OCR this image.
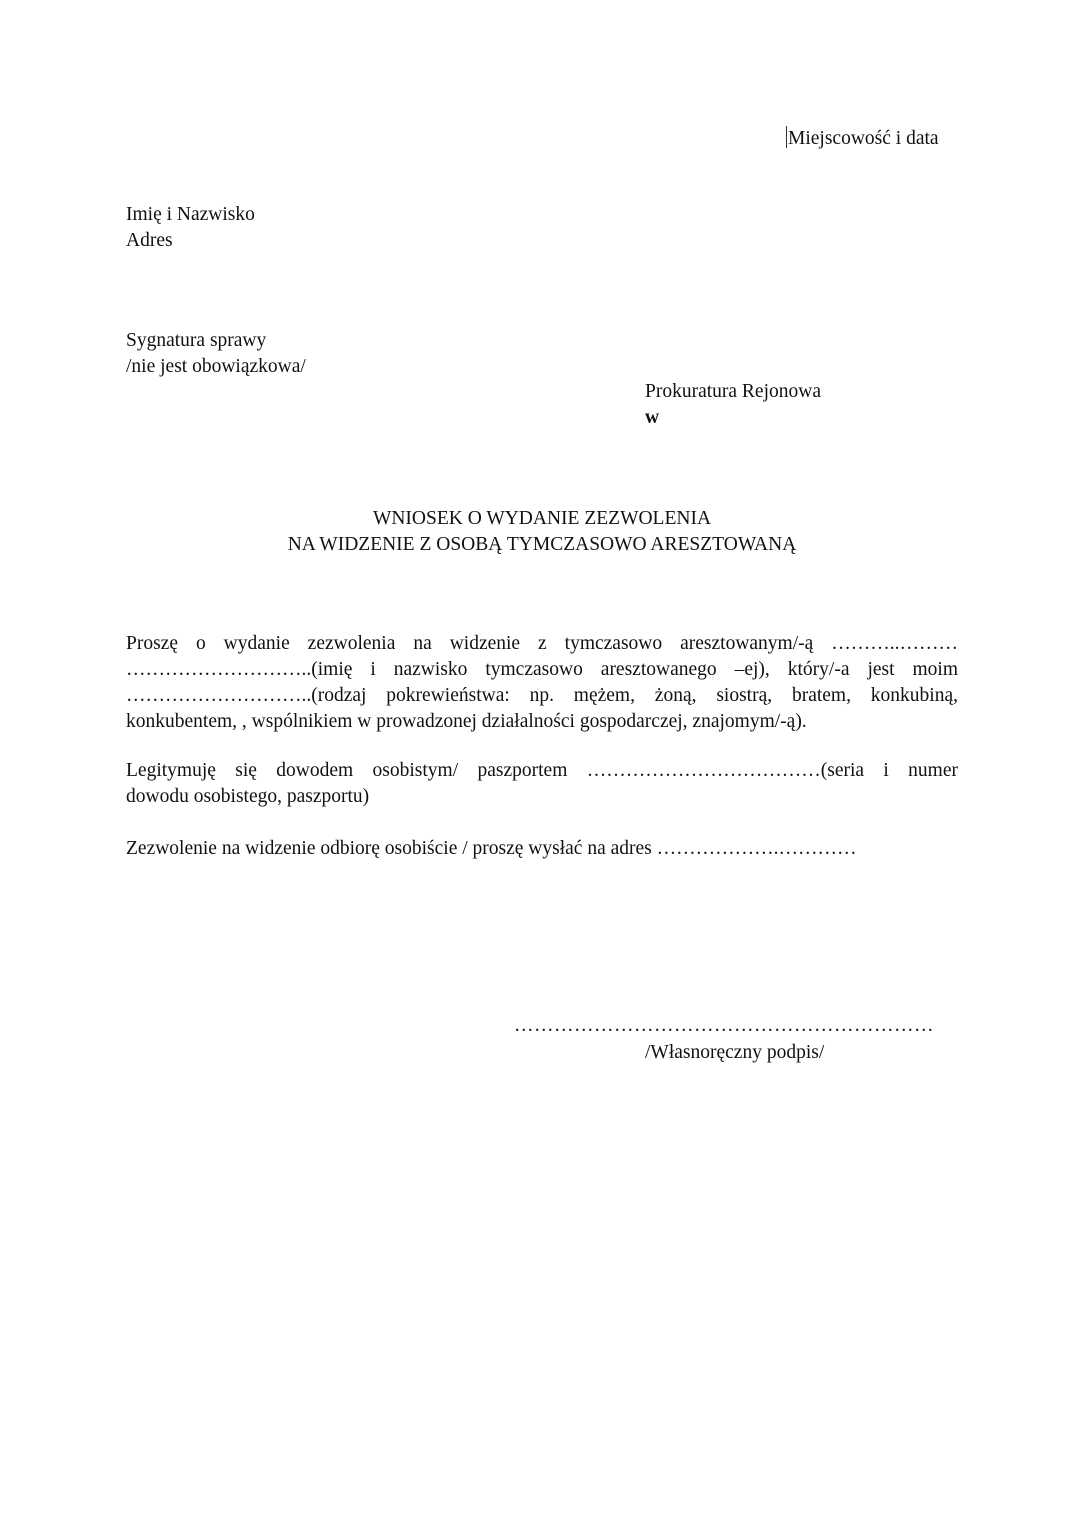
Miejscowość i data
Imię i Nazwisko
Adres
Sygnatura sprawy
/nie jest obowiązkowa/
Prokuratura Rejonowa
w
WNIOSEK O WYDANIE ZEZWOLENIA
NA WIDZENIE Z OSOBĄ TYMCZASOWO ARESZTOWANĄ
Proszę o wydanie zezwolenia na widzenie z tymczasowo aresztowanym/-ą ………..………
………………………..(imię i nazwisko tymczasowo aresztowanego –ej), który/-a jest moim
………………………..(rodzaj pokrewieństwa: np. mężem, żoną, siostrą, bratem, konkubiną,
konkubentem, , wspólnikiem w prowadzonej działalności gospodarczej, znajomym/-ą).
Legitymuję się dowodem osobistym/ paszportem ………………………………(seria i numer
dowodu osobistego, paszportu)
Zezwolenie na widzenie odbiorę osobiście / proszę wysłać na adres ……………….…………
………………………………………………………
/Własnoręczny podpis/
